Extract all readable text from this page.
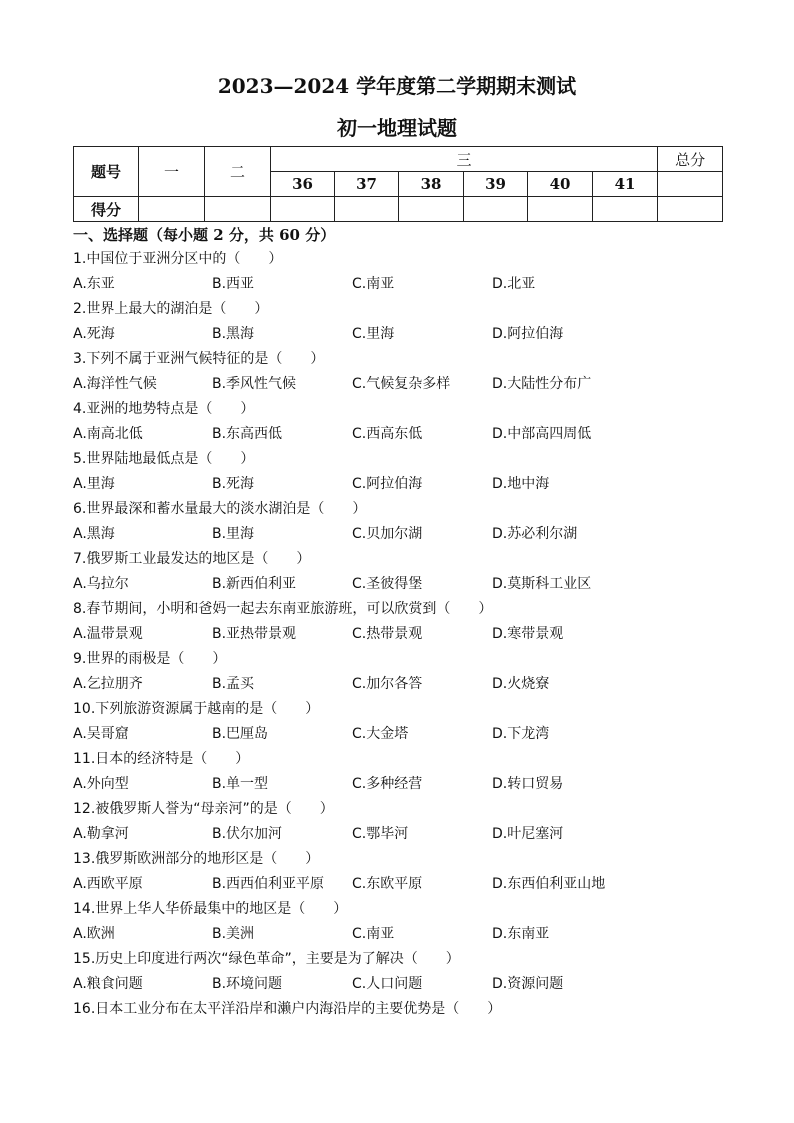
2023—2024 学年度第二学期期末测试
初一地理试题
题号	一	二	三						总分
			36	37	38	39	40	41	
得分									
一、选择题（每小题 2 分，共 60 分）
1.中国位于亚洲分区中的（　　）
A.东亚	B.西亚	C.南亚	D.北亚
2.世界上最大的湖泊是（　　）
A.死海	B.黑海	C.里海	D.阿拉伯海
3.下列不属于亚洲气候特征的是（　　）
A.海洋性气候	B.季风性气候	C.气候复杂多样	D.大陆性分布广
4.亚洲的地势特点是（　　）
A.南高北低	B.东高西低	C.西高东低	D.中部高四周低
5.世界陆地最低点是（　　）
A.里海	B.死海	C.阿拉伯海	D.地中海
6.世界最深和蓄水量最大的淡水湖泊是（　　）
A.黑海	B.里海	C.贝加尔湖	D.苏必利尔湖
7.俄罗斯工业最发达的地区是（　　）
A.乌拉尔	B.新西伯利亚	C.圣彼得堡	D.莫斯科工业区
8.春节期间，小明和爸妈一起去东南亚旅游班，可以欣赏到（　　）
A.温带景观	B.亚热带景观	C.热带景观	D.寒带景观
9.世界的雨极是（　　）
A.乞拉朋齐	B.孟买	C.加尔各答	D.火烧寮
10.下列旅游资源属于越南的是（　　）
A.吴哥窟	B.巴厘岛	C.大金塔	D.下龙湾
11.日本的经济特是（　　）
A.外向型	B.单一型	C.多种经营	D.转口贸易
12.被俄罗斯人誉为“母亲河”的是（　　）
A.勒拿河	B.伏尔加河	C.鄂毕河	D.叶尼塞河
13.俄罗斯欧洲部分的地形区是（　　）
A.西欧平原	B.西西伯利亚平原 C.东欧平原	D.东西伯利亚山地
14.世界上华人华侨最集中的地区是（　　）
A.欧洲	B.美洲	C.南亚	D.东南亚
15.历史上印度进行两次“绿色革命”，主要是为了解决（　　）
A.粮食问题	B.环境问题	C.人口问题	D.资源问题
16.日本工业分布在太平洋沿岸和濑户内海沿岸的主要优势是（　　）
